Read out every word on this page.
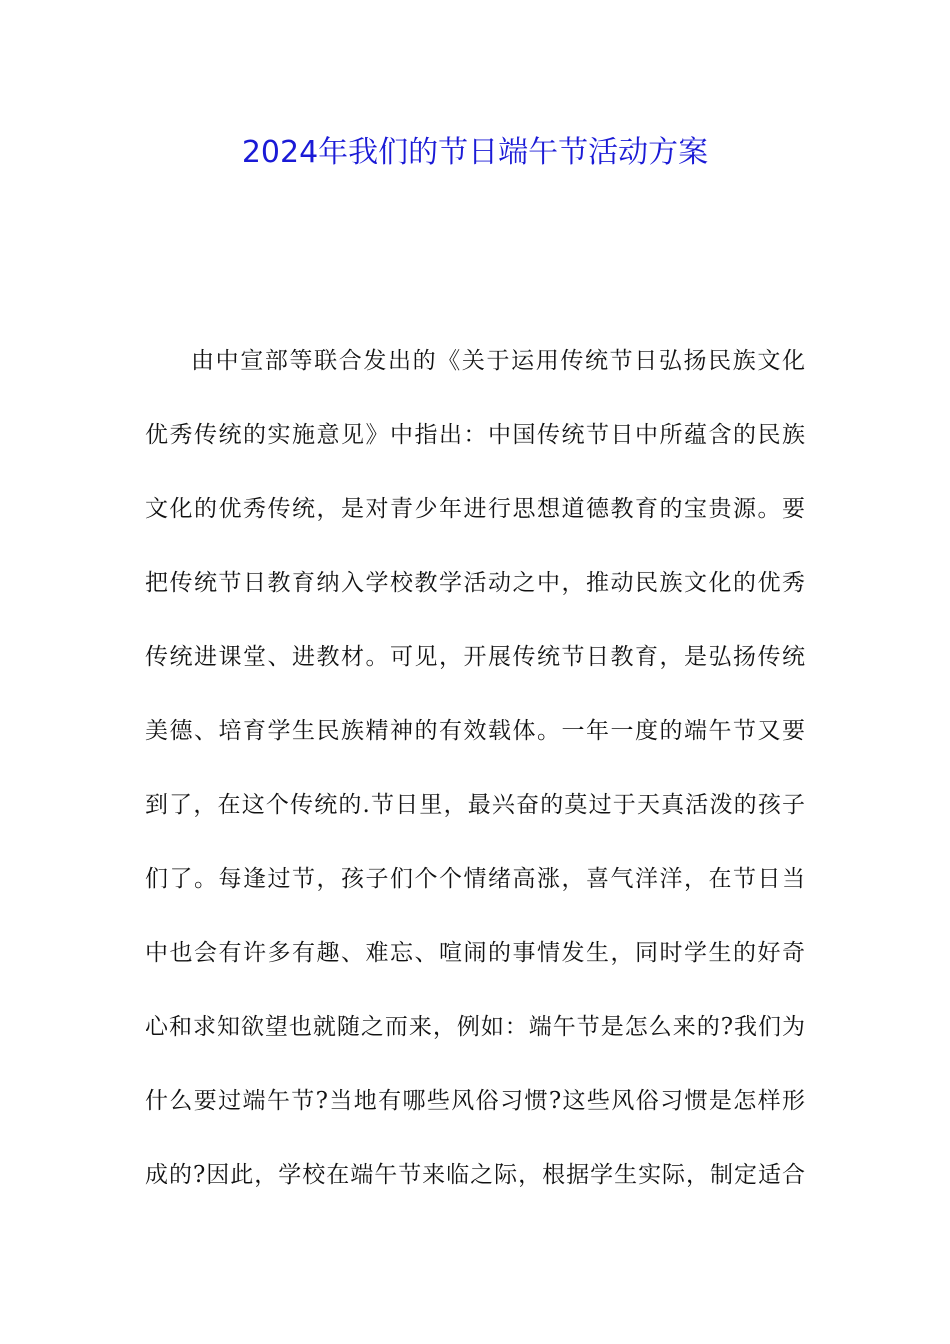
2024年我们的节日端午节活动方案
由中宣部等联合发出的《关于运用传统节日弘扬民族文化
优秀传统的实施意见》中指出：中国传统节日中所蕴含的民族
文化的优秀传统，是对青少年进行思想道德教育的宝贵源。要
把传统节日教育纳入学校教学活动之中，推动民族文化的优秀
传统进课堂、进教材。可见，开展传统节日教育，是弘扬传统
美德、培育学生民族精神的有效载体。一年一度的端午节又要
到了，在这个传统的.节日里，最兴奋的莫过于天真活泼的孩子
们了。每逢过节，孩子们个个情绪高涨，喜气洋洋，在节日当
中也会有许多有趣、难忘、喧闹的事情发生，同时学生的好奇
心和求知欲望也就随之而来，例如：端午节是怎么来的?我们为
什么要过端午节?当地有哪些风俗习惯?这些风俗习惯是怎样形
成的?因此，学校在端午节来临之际，根据学生实际，制定适合
